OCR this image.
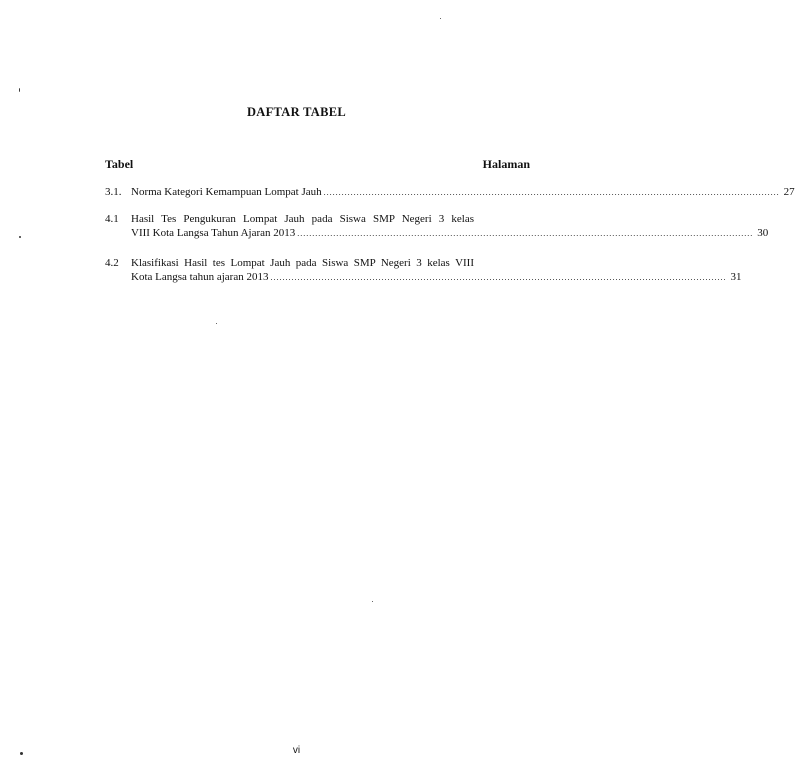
DAFTAR TABEL
Tabel	Halaman
3.1. Norma Kategori Kemampuan Lompat Jauh ........................................................................................................................................................ 27
4.1 Hasil Tes Pengukuran Lompat Jauh pada Siswa SMP Negeri 3 kelas
VIII Kota Langsa Tahun Ajaran 2013 ........................................................................................................................................................ 30
4.2 Klasifikasi Hasil tes Lompat Jauh pada Siswa SMP Negeri 3 kelas VIII
Kota Langsa tahun ajaran 2013 ........................................................................................................................................................ 31
vi
